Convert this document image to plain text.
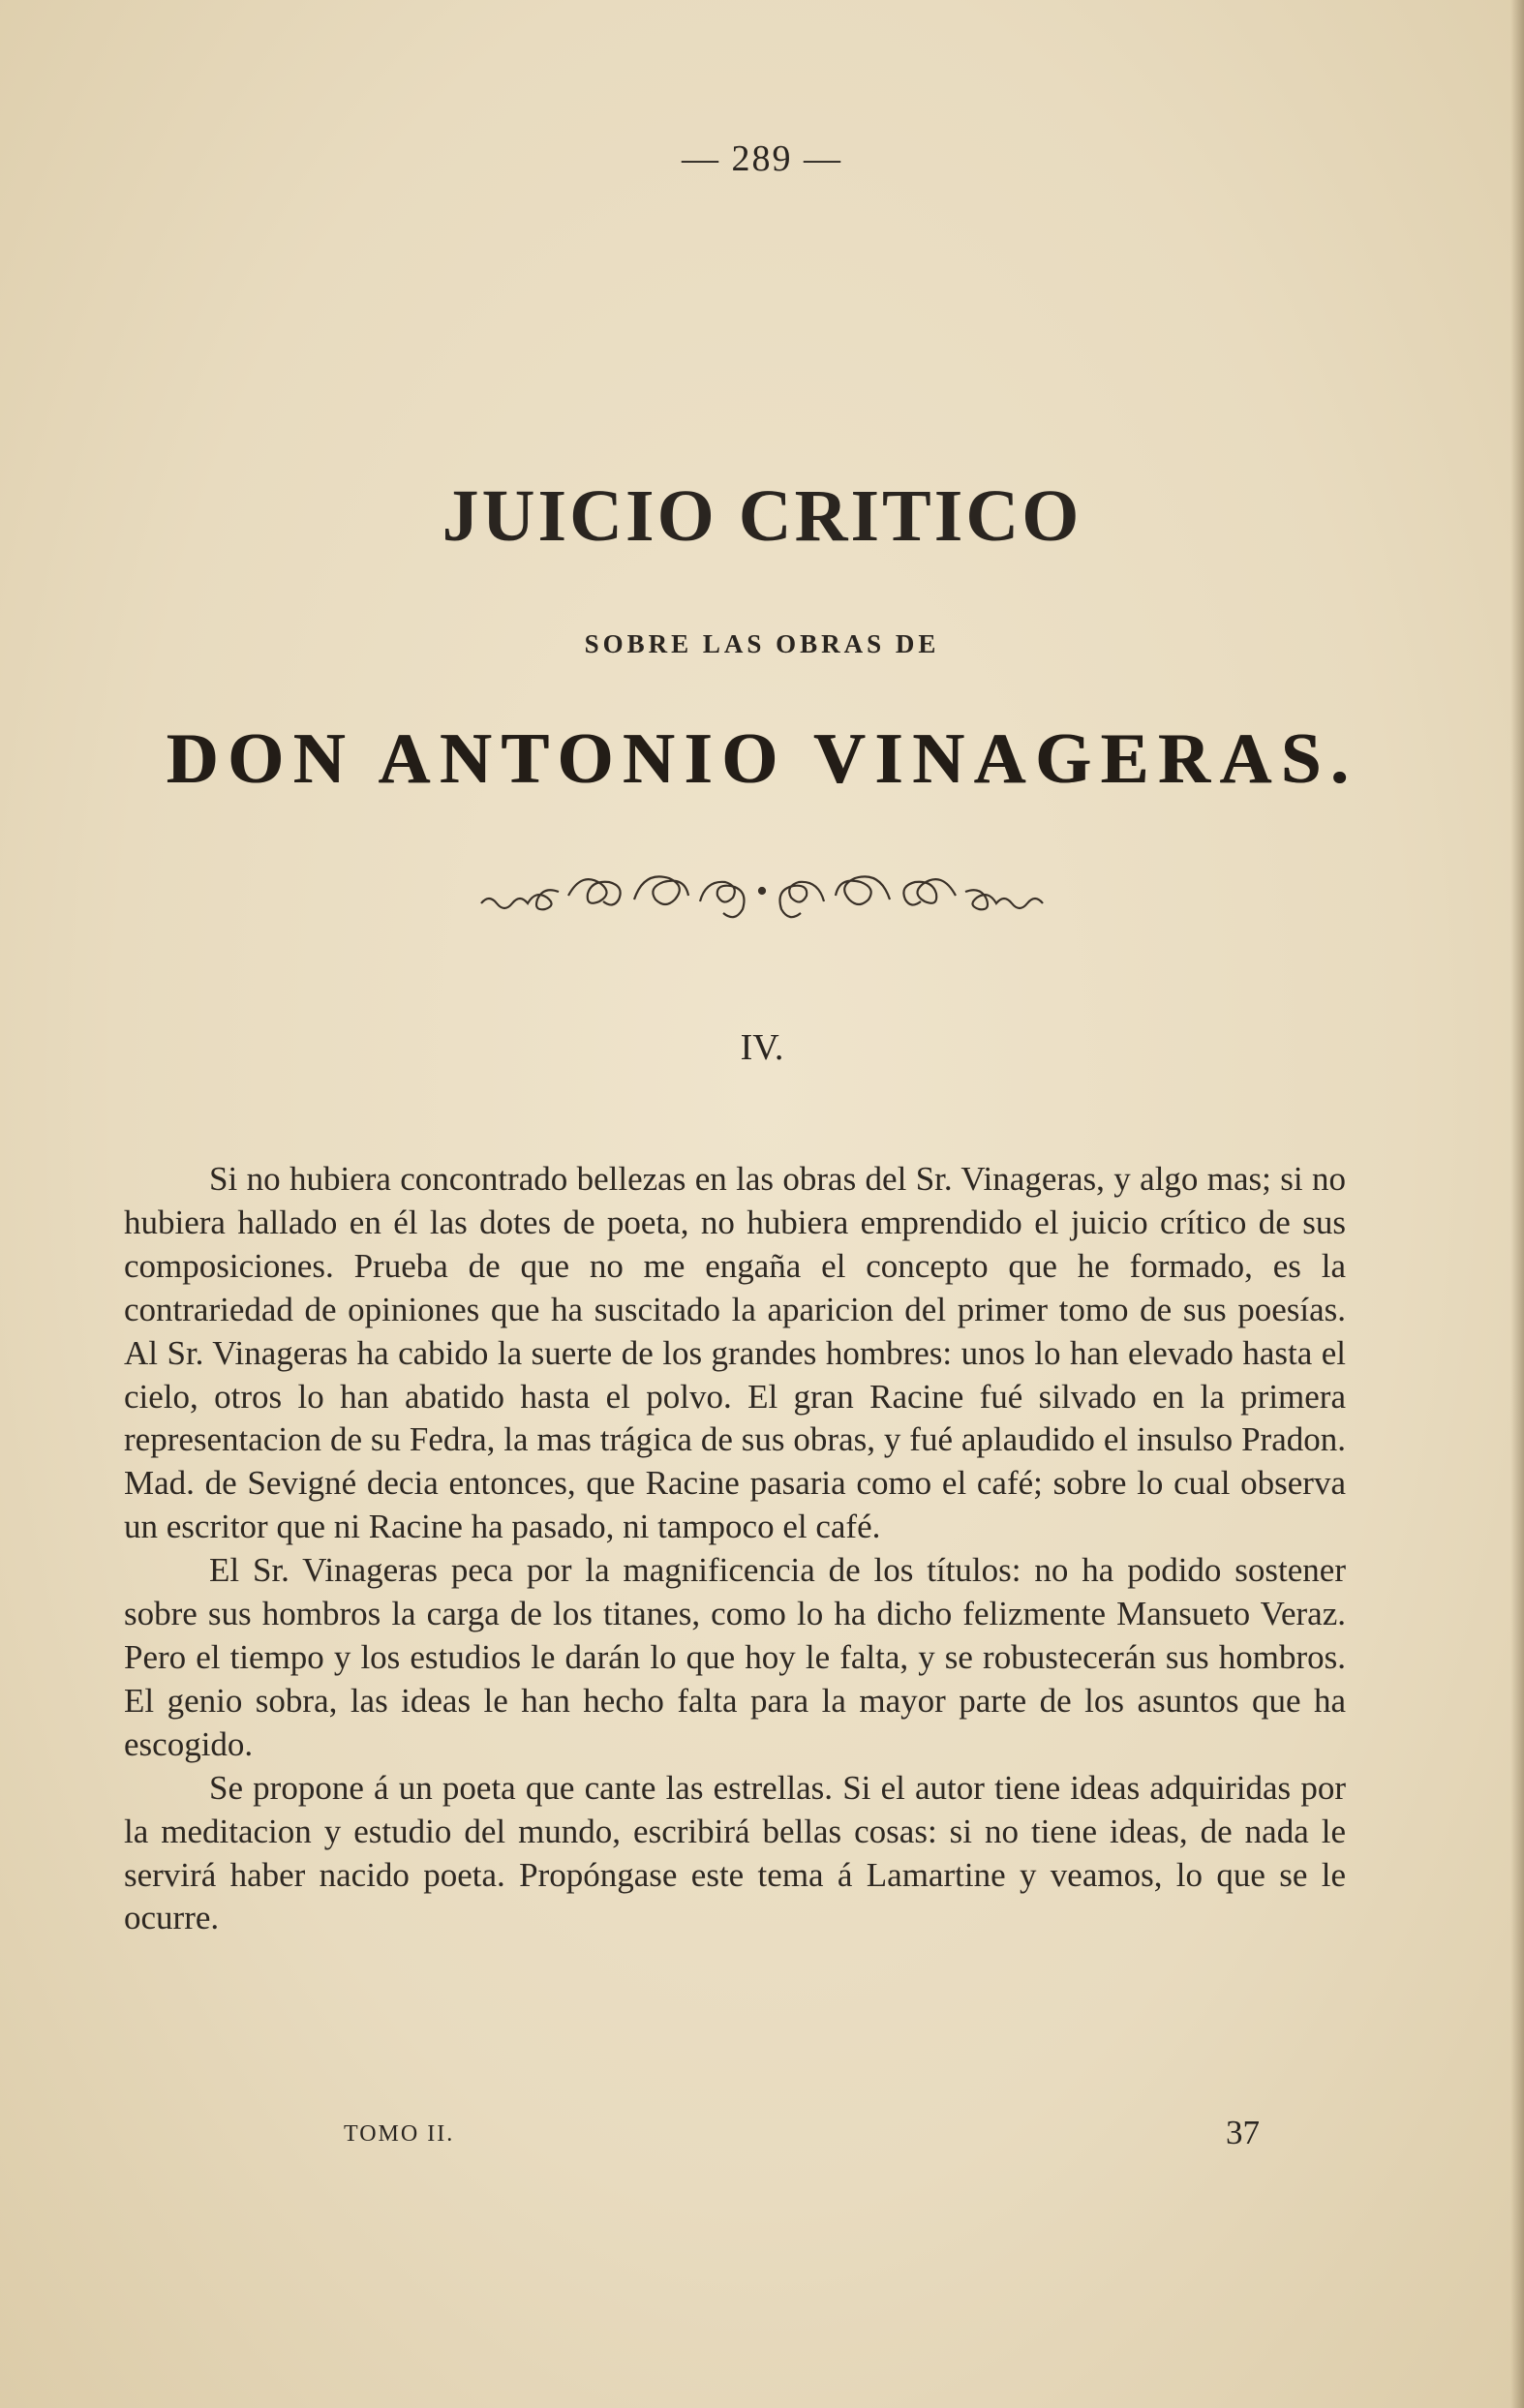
— 289 —
JUICIO CRITICO
SOBRE LAS OBRAS DE
DON ANTONIO VINAGERAS.
IV.

Si no hubiera concontrado bellezas en las obras del Sr. Vinageras, y algo mas; si no hubiera hallado en él las dotes de poeta, no hubiera emprendido el juicio crítico de sus composiciones. Prueba de que no me engaña el concepto que he formado, es la contrariedad de opiniones que ha suscitado la aparicion del primer tomo de sus poesías. Al Sr. Vinageras ha cabido la suerte de los grandes hombres: unos lo han elevado hasta el cielo, otros lo han abatido hasta el polvo. El gran Racine fué silvado en la primera representacion de su Fedra, la mas trágica de sus obras, y fué aplaudido el insulso Pradon. Mad. de Sevigné decia entonces, que Racine pasaria como el café; sobre lo cual observa un escritor que ni Racine ha pasado, ni tampoco el café.

El Sr. Vinageras peca por la magnificencia de los títulos: no ha podido sostener sobre sus hombros la carga de los titanes, como lo ha dicho felizmente Mansueto Veraz. Pero el tiempo y los estudios le darán lo que hoy le falta, y se robustecerán sus hombros. El genio sobra, las ideas le han hecho falta para la mayor parte de los asuntos que ha escogido.

Se propone á un poeta que cante las estrellas. Si el autor tiene ideas adquiridas por la meditacion y estudio del mundo, escribirá bellas cosas: si no tiene ideas, de nada le servirá haber nacido poeta. Propóngase este tema á Lamartine y veamos, lo que se le ocurre.

TOMO II.	37
